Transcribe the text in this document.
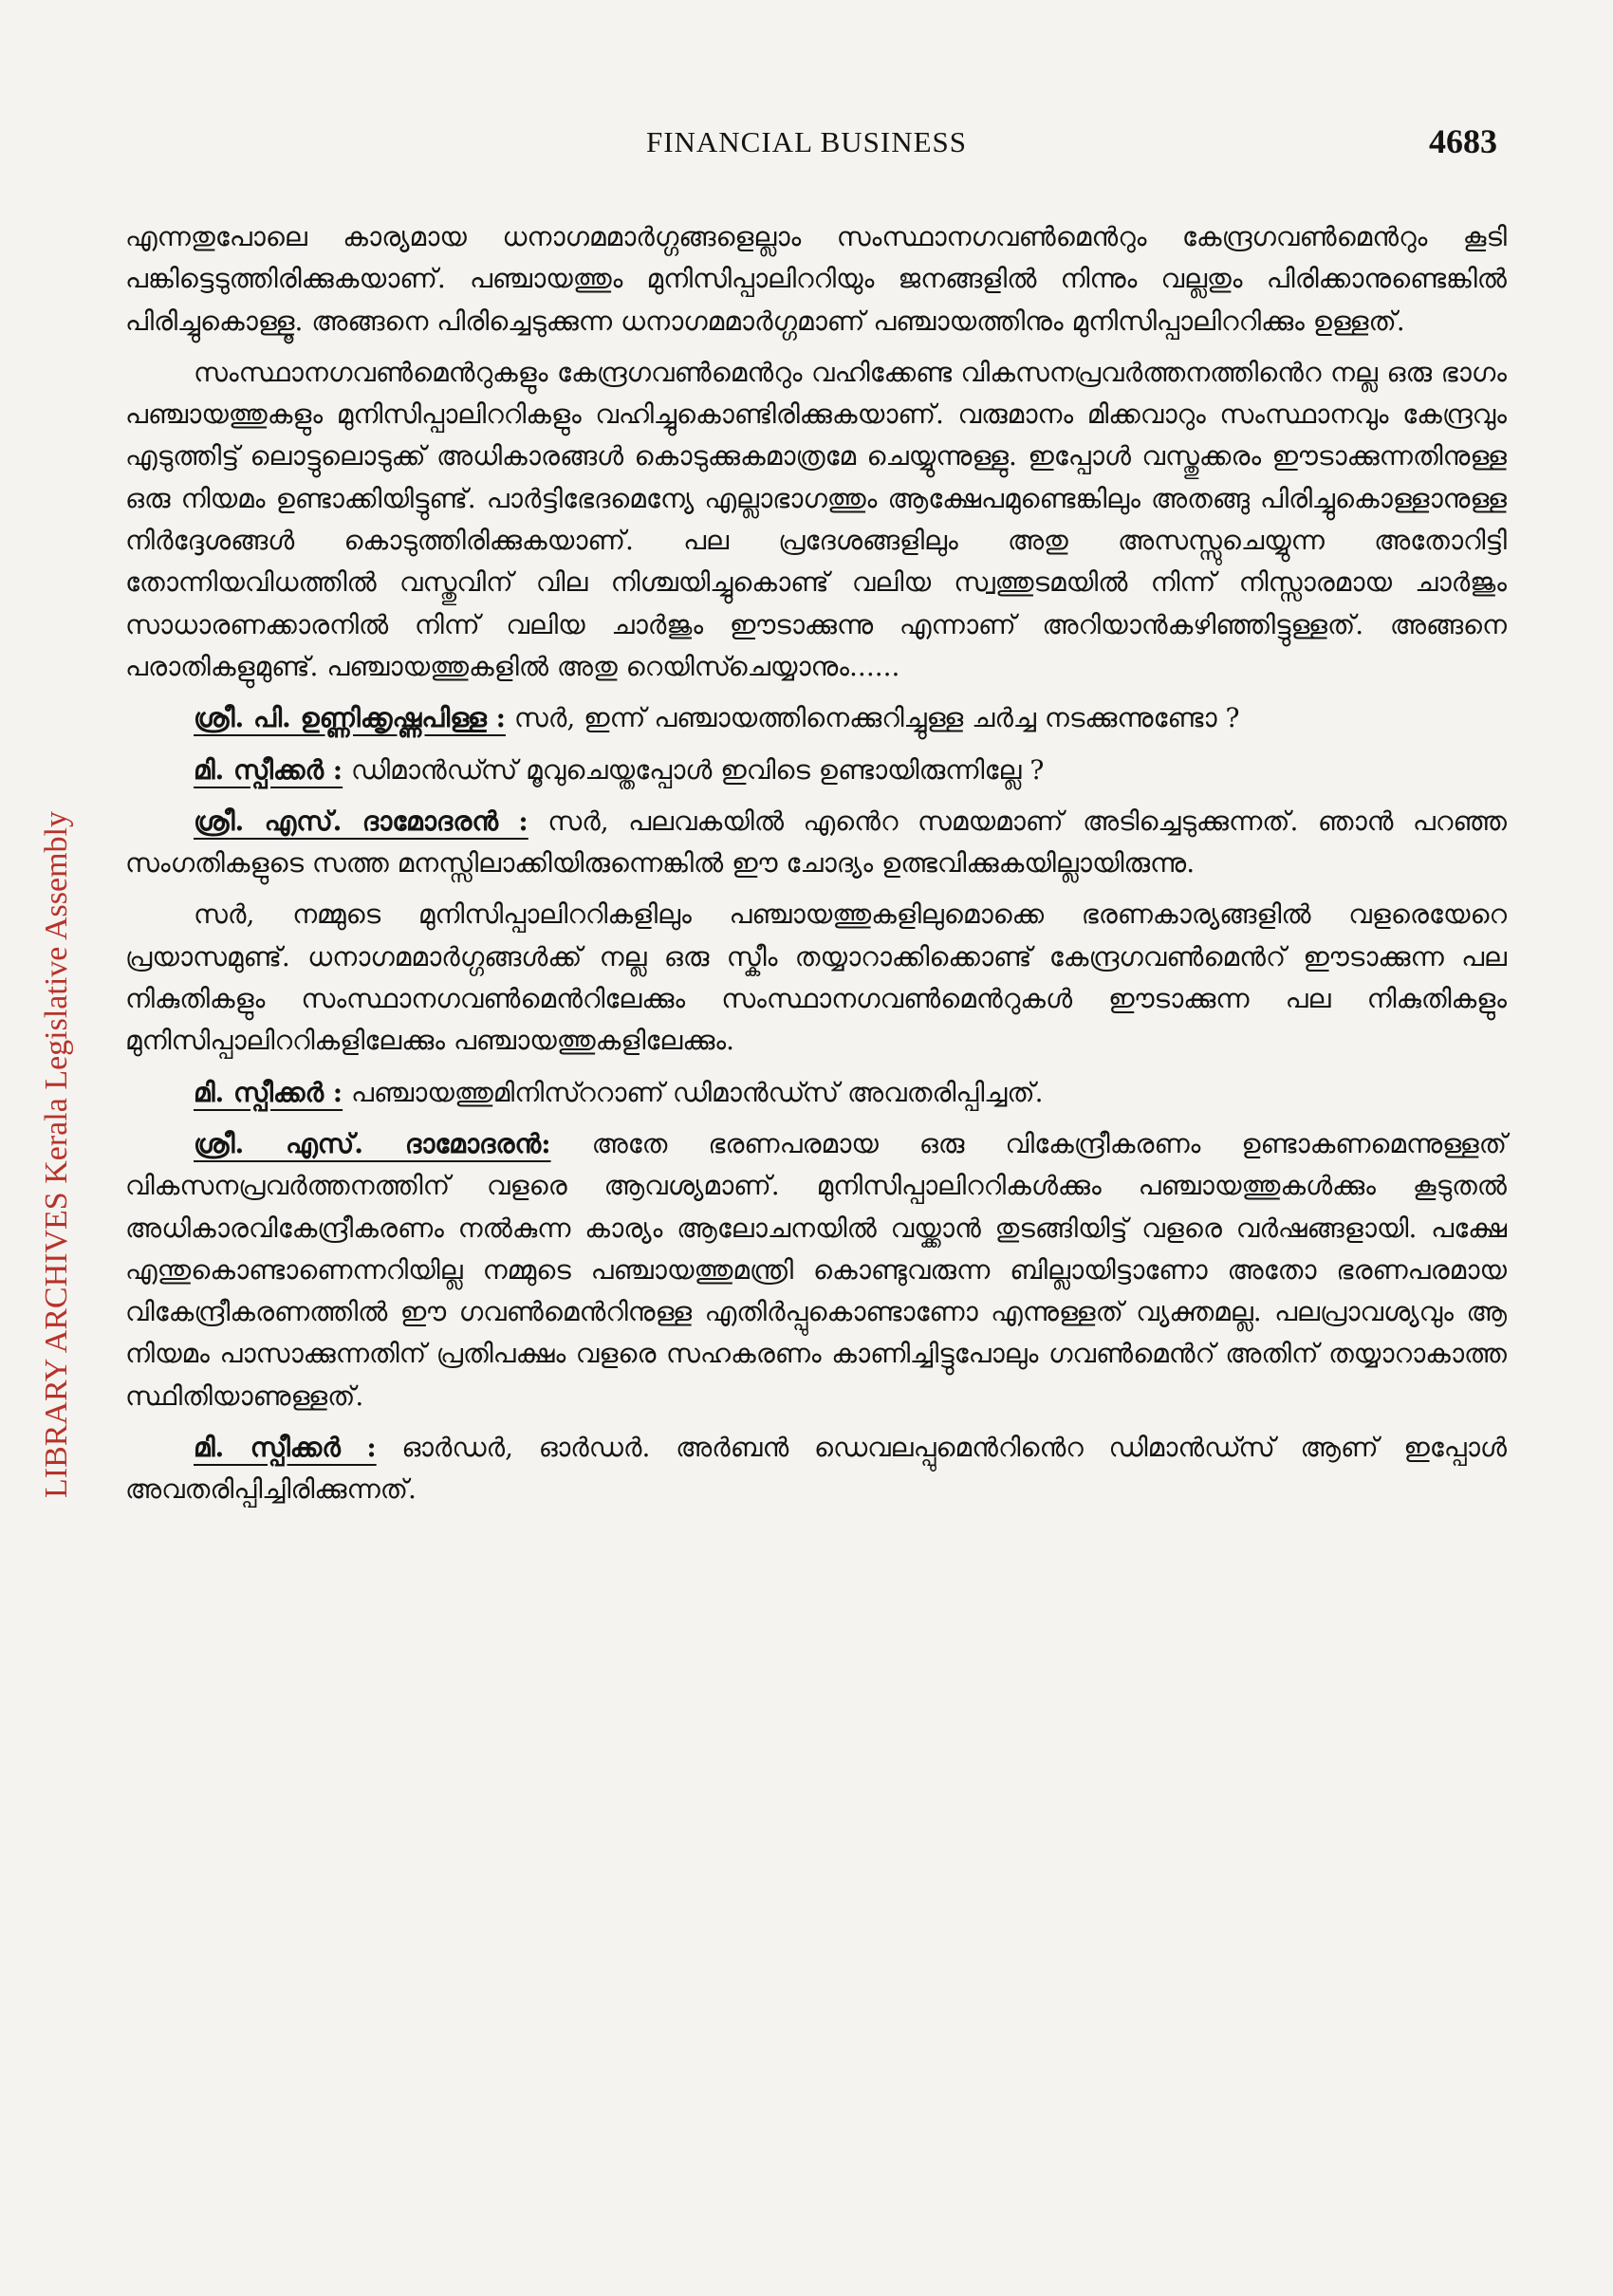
FINANCIAL BUSINESS	4683
LIBRARY ARCHIVES Kerala Legislative Assembly

എന്നതുപോലെ കാര്യമായ ധനാഗമമാർഗ്ഗങ്ങളെല്ലാം സംസ്ഥാനഗവൺമെൻറും കേന്ദ്രഗവൺമെൻറും കൂടി പങ്കിട്ടെടുത്തിരിക്കുകയാണ്. പഞ്ചായത്തും മുനിസിപ്പാലിററിയും ജനങ്ങളിൽ നിന്നും വല്ലതും പിരിക്കാനുണ്ടെങ്കിൽ പിരിച്ചുകൊള്ളൂ. അങ്ങനെ പിരിച്ചെടുക്കുന്ന ധനാഗമമാർഗ്ഗമാണ് പഞ്ചായത്തിനും മുനിസിപ്പാലിററിക്കും ഉള്ളത്.

സംസ്ഥാനഗവൺമെൻറുകളും കേന്ദ്രഗവൺമെൻറും വഹിക്കേണ്ട വികസനപ്രവർത്തനത്തിൻെറ നല്ല ഒരു ഭാഗം പഞ്ചായത്തുകളും മുനിസിപ്പാലിററികളും വഹിച്ചുകൊണ്ടിരിക്കുകയാണ്. വരുമാനം മിക്കവാറും സംസ്ഥാനവും കേന്ദ്രവും എടുത്തിട്ട് ലൊട്ടുലൊടുക്ക് അധികാരങ്ങൾ കൊടുക്കുകമാത്രമേ ചെയ്യുന്നുള്ളു. ഇപ്പോൾ വസ്തുക്കരം ഈടാക്കുന്നതിനുള്ള ഒരു നിയമം ഉണ്ടാക്കിയിട്ടുണ്ട്. പാർട്ടിഭേദമെന്യേ എല്ലാഭാഗത്തും ആക്ഷേപമുണ്ടെങ്കിലും അതങ്ങു പിരിച്ചുകൊള്ളാനുള്ള നിർദ്ദേശങ്ങൾ കൊടുത്തിരിക്കുകയാണ്. പല പ്രദേശങ്ങളിലും അതു അസസ്സുചെയ്യുന്ന അതോറിട്ടി തോന്നിയവിധത്തിൽ വസ്തുവിന് വില നിശ്ചയിച്ചുകൊണ്ട് വലിയ സ്വത്തുടമയിൽ നിന്ന് നിസ്സാരമായ ചാർജും സാധാരണക്കാരനിൽ നിന്ന് വലിയ ചാർജും ഈടാക്കുന്നു എന്നാണ് അറിയാൻകഴിഞ്ഞിട്ടുള്ളത്. അങ്ങനെ പരാതികളുമുണ്ട്. പഞ്ചായത്തുകളിൽ അതു റെയിസ്ചെയ്യാനും......

ശ്രീ. പി. ഉണ്ണിക്കൃഷ്ണപിള്ള : സർ, ഇന്ന് പഞ്ചായത്തിനെക്കുറിച്ചുള്ള ചർച്ച നടക്കുന്നുണ്ടോ ?

മി. സ്പീക്കർ : ഡിമാൻഡ്സ് മൂവുചെയ്തപ്പോൾ ഇവിടെ ഉണ്ടായിരുന്നില്ലേ ?

ശ്രീ. എസ്. ദാമോദരൻ : സർ, പലവകയിൽ എൻെറ സമയമാണ് അടിച്ചെടുക്കുന്നത്. ഞാൻ പറഞ്ഞ സംഗതികളുടെ സത്ത മനസ്സിലാക്കിയിരുന്നെങ്കിൽ ഈ ചോദ്യം ഉത്ഭവിക്കുകയില്ലായിരുന്നു.

സർ, നമ്മുടെ മുനിസിപ്പാലിററികളിലും പഞ്ചായത്തുകളിലുമൊക്കെ ഭരണകാര്യങ്ങളിൽ വളരെയേറെ പ്രയാസമുണ്ട്. ധനാഗമമാർഗ്ഗങ്ങൾക്ക് നല്ല ഒരു സ്കീം തയ്യാറാക്കിക്കൊണ്ട് കേന്ദ്രഗവൺമെൻറ് ഈടാക്കുന്ന പല നികുതികളും സംസ്ഥാനഗവൺമെൻറിലേക്കും സംസ്ഥാനഗവൺമെൻറുകൾ ഈടാക്കുന്ന പല നികുതികളും മുനിസിപ്പാലിററികളിലേക്കും പഞ്ചായത്തുകളിലേക്കും.

മി. സ്പീക്കർ : പഞ്ചായത്തുമിനിസ്ററാണ് ഡിമാൻഡ്സ് അവതരിപ്പിച്ചത്.

ശ്രീ. എസ്. ദാമോദരൻ: അതേ ഭരണപരമായ ഒരു വികേന്ദ്രീകരണം ഉണ്ടാകണമെന്നുള്ളത് വികസനപ്രവർത്തനത്തിന് വളരെ ആവശ്യമാണ്. മുനിസിപ്പാലിററികൾക്കും പഞ്ചായത്തുകൾക്കും കൂടുതൽ അധികാരവികേന്ദ്രീകരണം നൽകുന്ന കാര്യം ആലോചനയിൽ വയ്ക്കാൻ തുടങ്ങിയിട്ട് വളരെ വർഷങ്ങളായി. പക്ഷേ എന്തുകൊണ്ടാണെന്നറിയില്ല നമ്മുടെ പഞ്ചായത്തുമന്ത്രി കൊണ്ടുവരുന്ന ബില്ലായിട്ടാണോ അതോ ഭരണപരമായ വികേന്ദ്രീകരണത്തിൽ ഈ ഗവൺമെൻറിനുള്ള എതിർപ്പുകൊണ്ടാണോ എന്നുള്ളത് വ്യക്തമല്ല. പലപ്രാവശ്യവും ആ നിയമം പാസാക്കുന്നതിന് പ്രതിപക്ഷം വളരെ സഹകരണം കാണിച്ചിട്ടുപോലും ഗവൺമെൻറ് അതിന് തയ്യാറാകാത്ത സ്ഥിതിയാണുള്ളത്.

മി. സ്പീക്കർ : ഓർഡർ, ഓർഡർ. അർബൻ ഡെവലപ്പുമെൻറിൻെറ ഡിമാൻഡ്സ് ആണ് ഇപ്പോൾ അവതരിപ്പിച്ചിരിക്കുന്നത്.
